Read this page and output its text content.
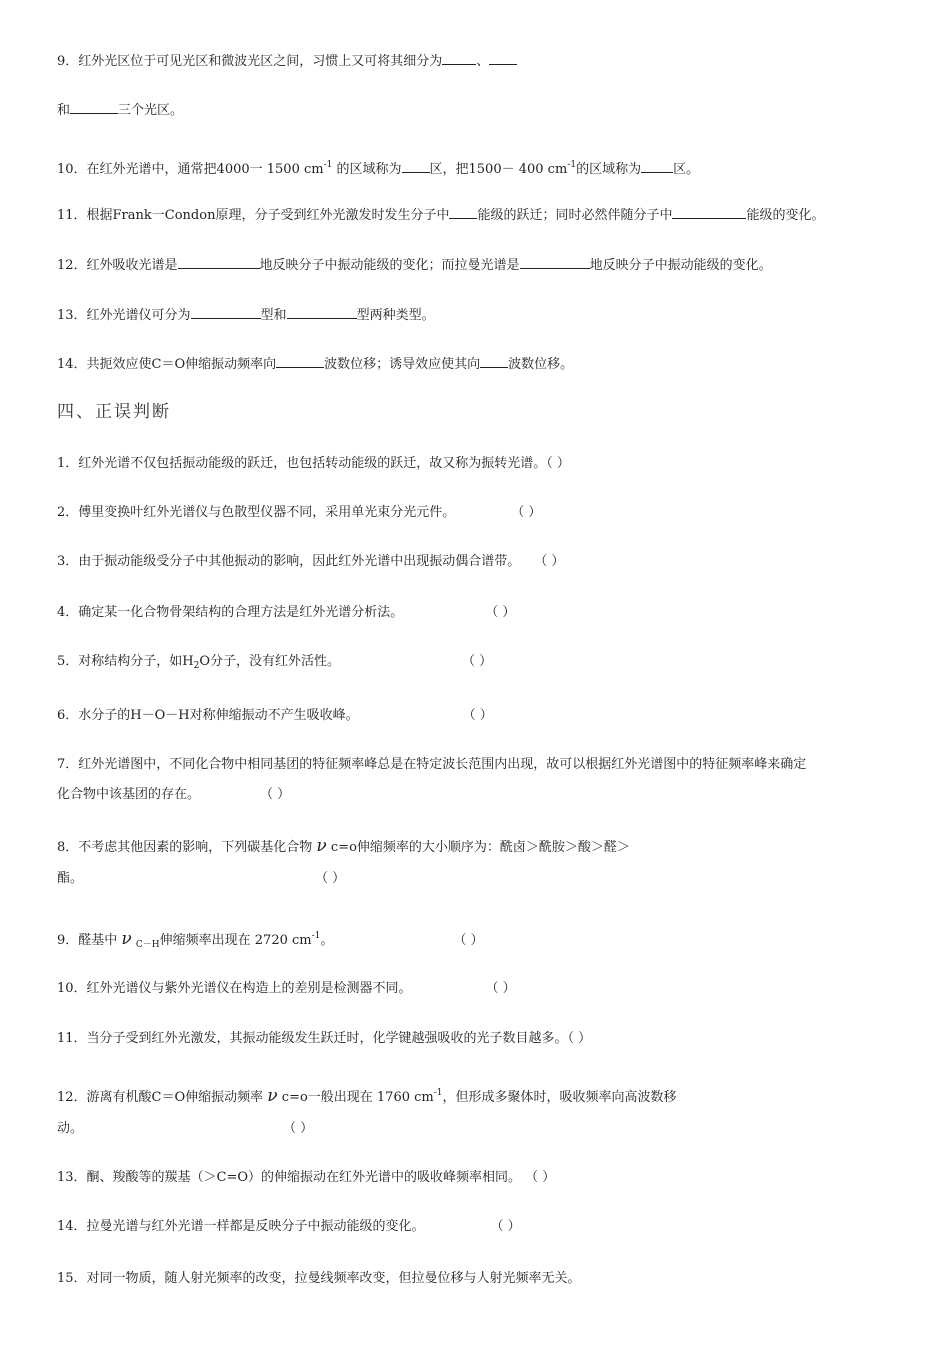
9．红外光区位于可见光区和微波光区之间，习惯上又可将其细分为	、
和	三个光区。
10．在红外光谱中，通常把4000一 1500 $cm^{-1}$ 的区域称为 区，把1500－ 400 $cm^{-1}$的区域称为 区。
11．根据Frank一Condon原理，分子受到红外光激发时发生分子中 能级的跃迁；同时必然伴随分子中	能级的变化。
12．红外吸收光谱是	地反映分子中振动能级的变化；而拉曼光谱是	地反映分子中振动能级的变化。
13．红外光谱仪可分为	型和	型两种类型。
14．共扼效应使C＝O伸缩振动频率向	波数位移；诱导效应使其向 波数位移。
四、正误判断
1．红外光谱不仅包括振动能级的跃迁，也包括转动能级的跃迁，故又称为振转光谱。（ ）
2．傅里变换叶红外光谱仪与色散型仪器不同，采用单光束分光元件。	（ ）
3．由于振动能级受分子中其他振动的影响，因此红外光谱中出现振动偶合谱带。 （ ）
4．确定某一化合物骨架结构的合理方法是红外光谱分析法。	（ ）
5．对称结构分子，如$H_2O$分子，没有红外活性。	（ ）
6．水分子的H－O－H对称伸缩振动不产生吸收峰。	（ ）
7．红外光谱图中，不同化合物中相同基团的特征频率峰总是在特定波长范围内出现，故可以根据红外光谱图中的特征频率峰来确定
化合物中该基团的存在。	（ ）
8．不考虑其他因素的影响，下列碳基化合物 ν c=o伸缩频率的大小顺序为：酰卤＞酰胺＞酸＞醛＞
酯。	（ ）
9．醛基中 ν $_{C-H}$伸缩频率出现在 2720 $cm^{-1}$。	（ ）
10．红外光谱仪与紫外光谱仪在构造上的差别是检测器不同。	（ ）
11．当分子受到红外光激发，其振动能级发生跃迁时，化学键越强吸收的光子数目越多。（ ）
12．游离有机酸C＝O伸缩振动频率 ν c=o一般出现在 1760 $cm^{-1}$，但形成多聚体时，吸收频率向高波数移
动。	（ ）
13．酮、羧酸等的羰基（＞C=O）的伸缩振动在红外光谱中的吸收峰频率相同。 （ ）
14．拉曼光谱与红外光谱一样都是反映分子中振动能级的变化。	（ ）
15．对同一物质，随人射光频率的改变，拉曼线频率改变，但拉曼位移与人射光频率无关。
